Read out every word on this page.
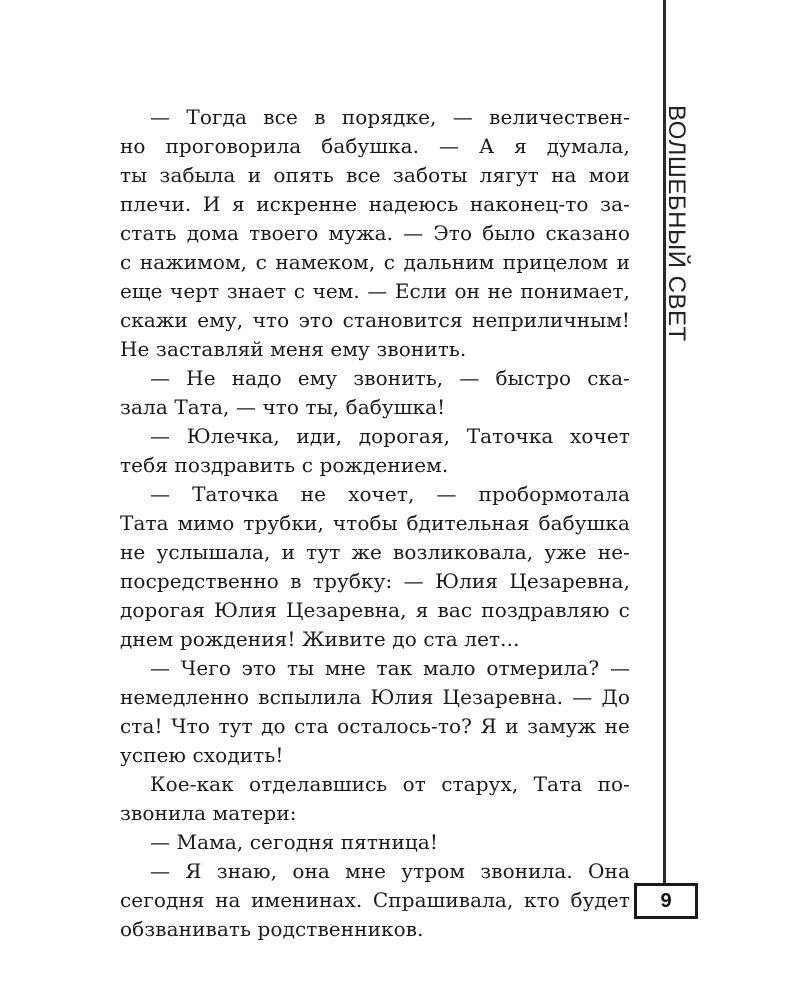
— Тогда все в порядке, — величествен-
но проговорила бабушка. — А я думала,
ты забыла и опять все заботы лягут на мои
плечи. И я искренне надеюсь наконец-то за-
стать дома твоего мужа. — Это было сказано
с нажимом, с намеком, с дальним прицелом и
еще черт знает с чем. — Если он не понимает,
скажи ему, что это становится неприличным!
Не заставляй меня ему звонить.
— Не надо ему звонить, — быстро ска-
зала Тата, — что ты, бабушка!
— Юлечка, иди, дорогая, Таточка хочет
тебя поздравить с рождением.
— Таточка не хочет, — пробормотала
Тата мимо трубки, чтобы бдительная бабушка
не услышала, и тут же возликовала, уже не-
посредственно в трубку: — Юлия Цезаревна,
дорогая Юлия Цезаревна, я вас поздравляю с
днем рождения! Живите до ста лет...
— Чего это ты мне так мало отмерила? —
немедленно вспылила Юлия Цезаревна. — До
ста! Что тут до ста осталось-то? Я и замуж не
успею сходить!
Кое-как отделавшись от старух, Тата по-
звонила матери:
— Мама, сегодня пятница!
— Я знаю, она мне утром звонила. Она
сегодня на именинах. Спрашивала, кто будет
обзванивать родственников.
ВОЛШЕБНЫЙ СВЕТ
9
